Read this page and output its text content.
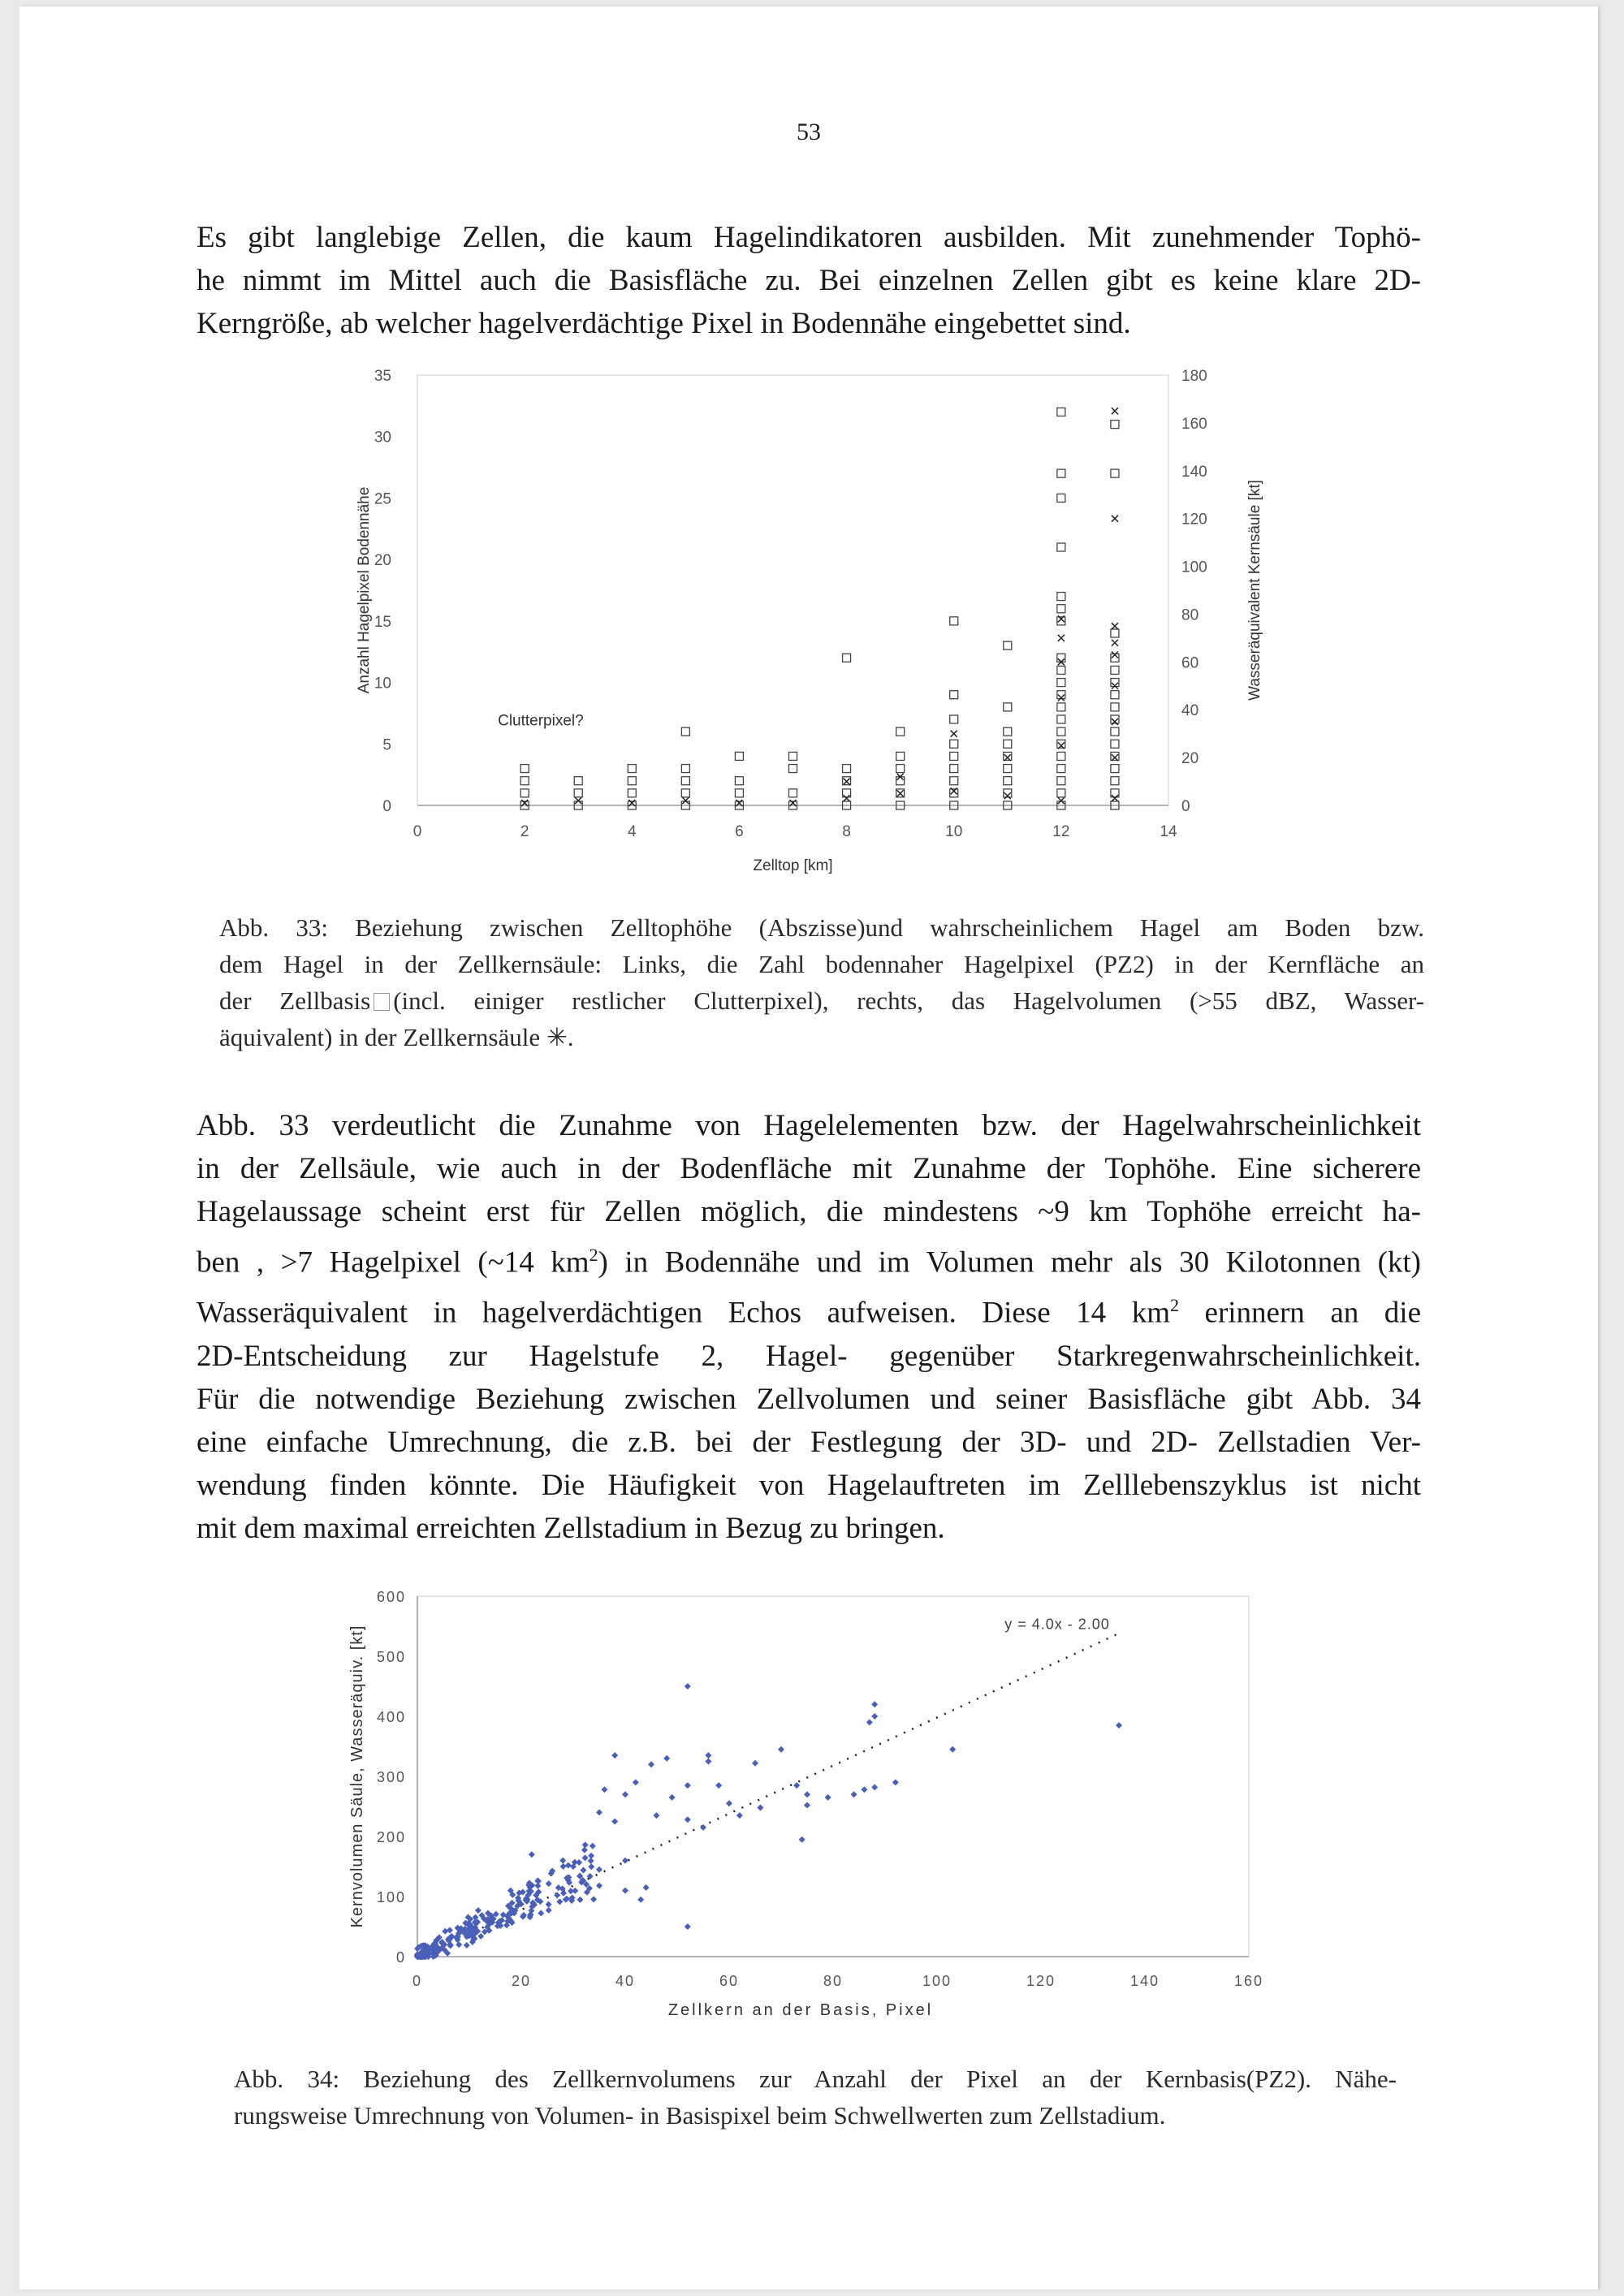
53
Es gibt langlebige Zellen, die kaum Hagelindikatoren ausbilden. Mit zunehmender Tophö-
he nimmt im Mittel auch die Basisfläche zu. Bei einzelnen Zellen gibt es keine klare 2D-
Kerngröße, ab welcher hagelverdächtige Pixel in Bodennähe eingebettet sind.
0
5
10
15
20
25
30
35
0
20
40
60
80
100
120
140
160
180
0	2	4	6	8	10	12	14
Zelltop [km]
Anzahl Hagelpixel Bodennähe	Wasseräquivalent Kernsäule [kt]
Clutterpixel?
Abb. 33: Beziehung zwischen Zelltophöhe (Abszisse)und wahrscheinlichem Hagel am Boden bzw.
dem Hagel in der Zellkernsäule: Links, die Zahl bodennaher Hagelpixel (PZ2) in der Kernfläche an
der Zellbasis (incl. einiger restlicher Clutterpixel), rechts, das Hagelvolumen (>55 dBZ, Wasser-
äquivalent) in der Zellkernsäule ✳.
Abb. 33 verdeutlicht die Zunahme von Hagelelementen bzw. der Hagelwahrscheinlichkeit
in der Zellsäule, wie auch in der Bodenfläche mit Zunahme der Tophöhe. Eine sicherere
Hagelaussage scheint erst für Zellen möglich, die mindestens ~9 km Tophöhe erreicht ha-
ben , >7 Hagelpixel (~14 $km^2$) in Bodennähe und im Volumen mehr als 30 Kilotonnen (kt)
Wasseräquivalent in hagelverdächtigen Echos aufweisen. Diese 14 $km^2$ erinnern an die
2D-Entscheidung zur Hagelstufe 2, Hagel- gegenüber Starkregenwahrscheinlichkeit.
Für die notwendige Beziehung zwischen Zellvolumen und seiner Basisfläche gibt Abb. 34
eine einfache Umrechnung, die z.B. bei der Festlegung der 3D- und 2D- Zellstadien Ver-
wendung finden könnte. Die Häufigkeit von Hagelauftreten im Zelllebenszyklus ist nicht
mit dem maximal erreichten Zellstadium in Bezug zu bringen.
0
100
200
300
400
500
600
0	20	40	60	80	100	120	140	160
Zellkern an der Basis, Pixel
Kernvolumen Säule, Wasseräquiv. [kt]
y = 4.0x - 2.00
Abb. 34: Beziehung des Zellkernvolumens zur Anzahl der Pixel an der Kernbasis(PZ2). Nähe-
rungsweise Umrechnung von Volumen- in Basispixel beim Schwellwerten zum Zellstadium.
